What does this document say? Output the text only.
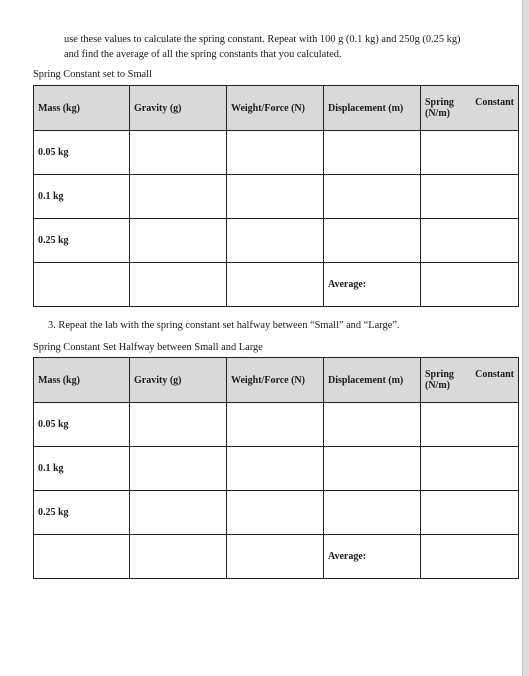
use these values to calculate the spring constant. Repeat with 100 g (0.1 kg) and 250g (0.25 kg)

and find the average of all the spring constants that you calculated.

Spring Constant set to Small
Mass (kg)	Gravity (g)	Weight/Force (N)	Displacement (m)	Spring Constant
(N/m)

0.05 kg				
0.1 kg				
0.25 kg				
			Average:	
3. Repeat the lab with the spring constant set halfway between “Small” and “Large”.
Spring Constant Set Halfway between Small and Large
Mass (kg)	Gravity (g)	Weight/Force (N)	Displacement (m)	Spring Constant
(N/m)

0.05 kg				
0.1 kg				
0.25 kg				
			Average:	
